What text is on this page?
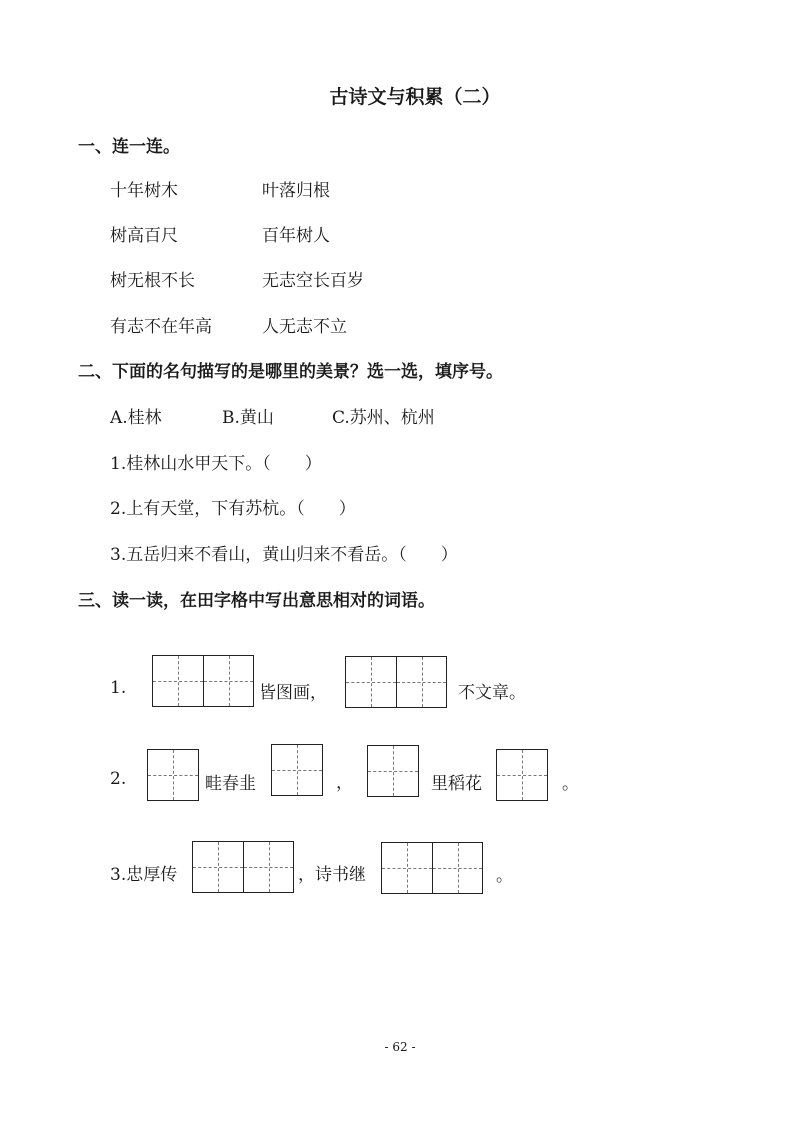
古诗文与积累（二）
一、连一连。
十年树木	叶落归根
树高百尺	百年树人
树无根不长	无志空长百岁
有志不在年高	人无志不立
二、下面的名句描写的是哪里的美景？选一选，填序号。
A.桂林	B.黄山	C.苏州、杭州
1.桂林山水甲天下。（　　）
2.上有天堂，下有苏杭。（　　）
3.五岳归来不看山，黄山归来不看岳。（　　）
三、读一读，在田字格中写出意思相对的词语。
1.	皆图画，	不文章。
2.	畦春韭	，	里稻花	。
3.忠厚传	，诗书继	。
- 62 -
